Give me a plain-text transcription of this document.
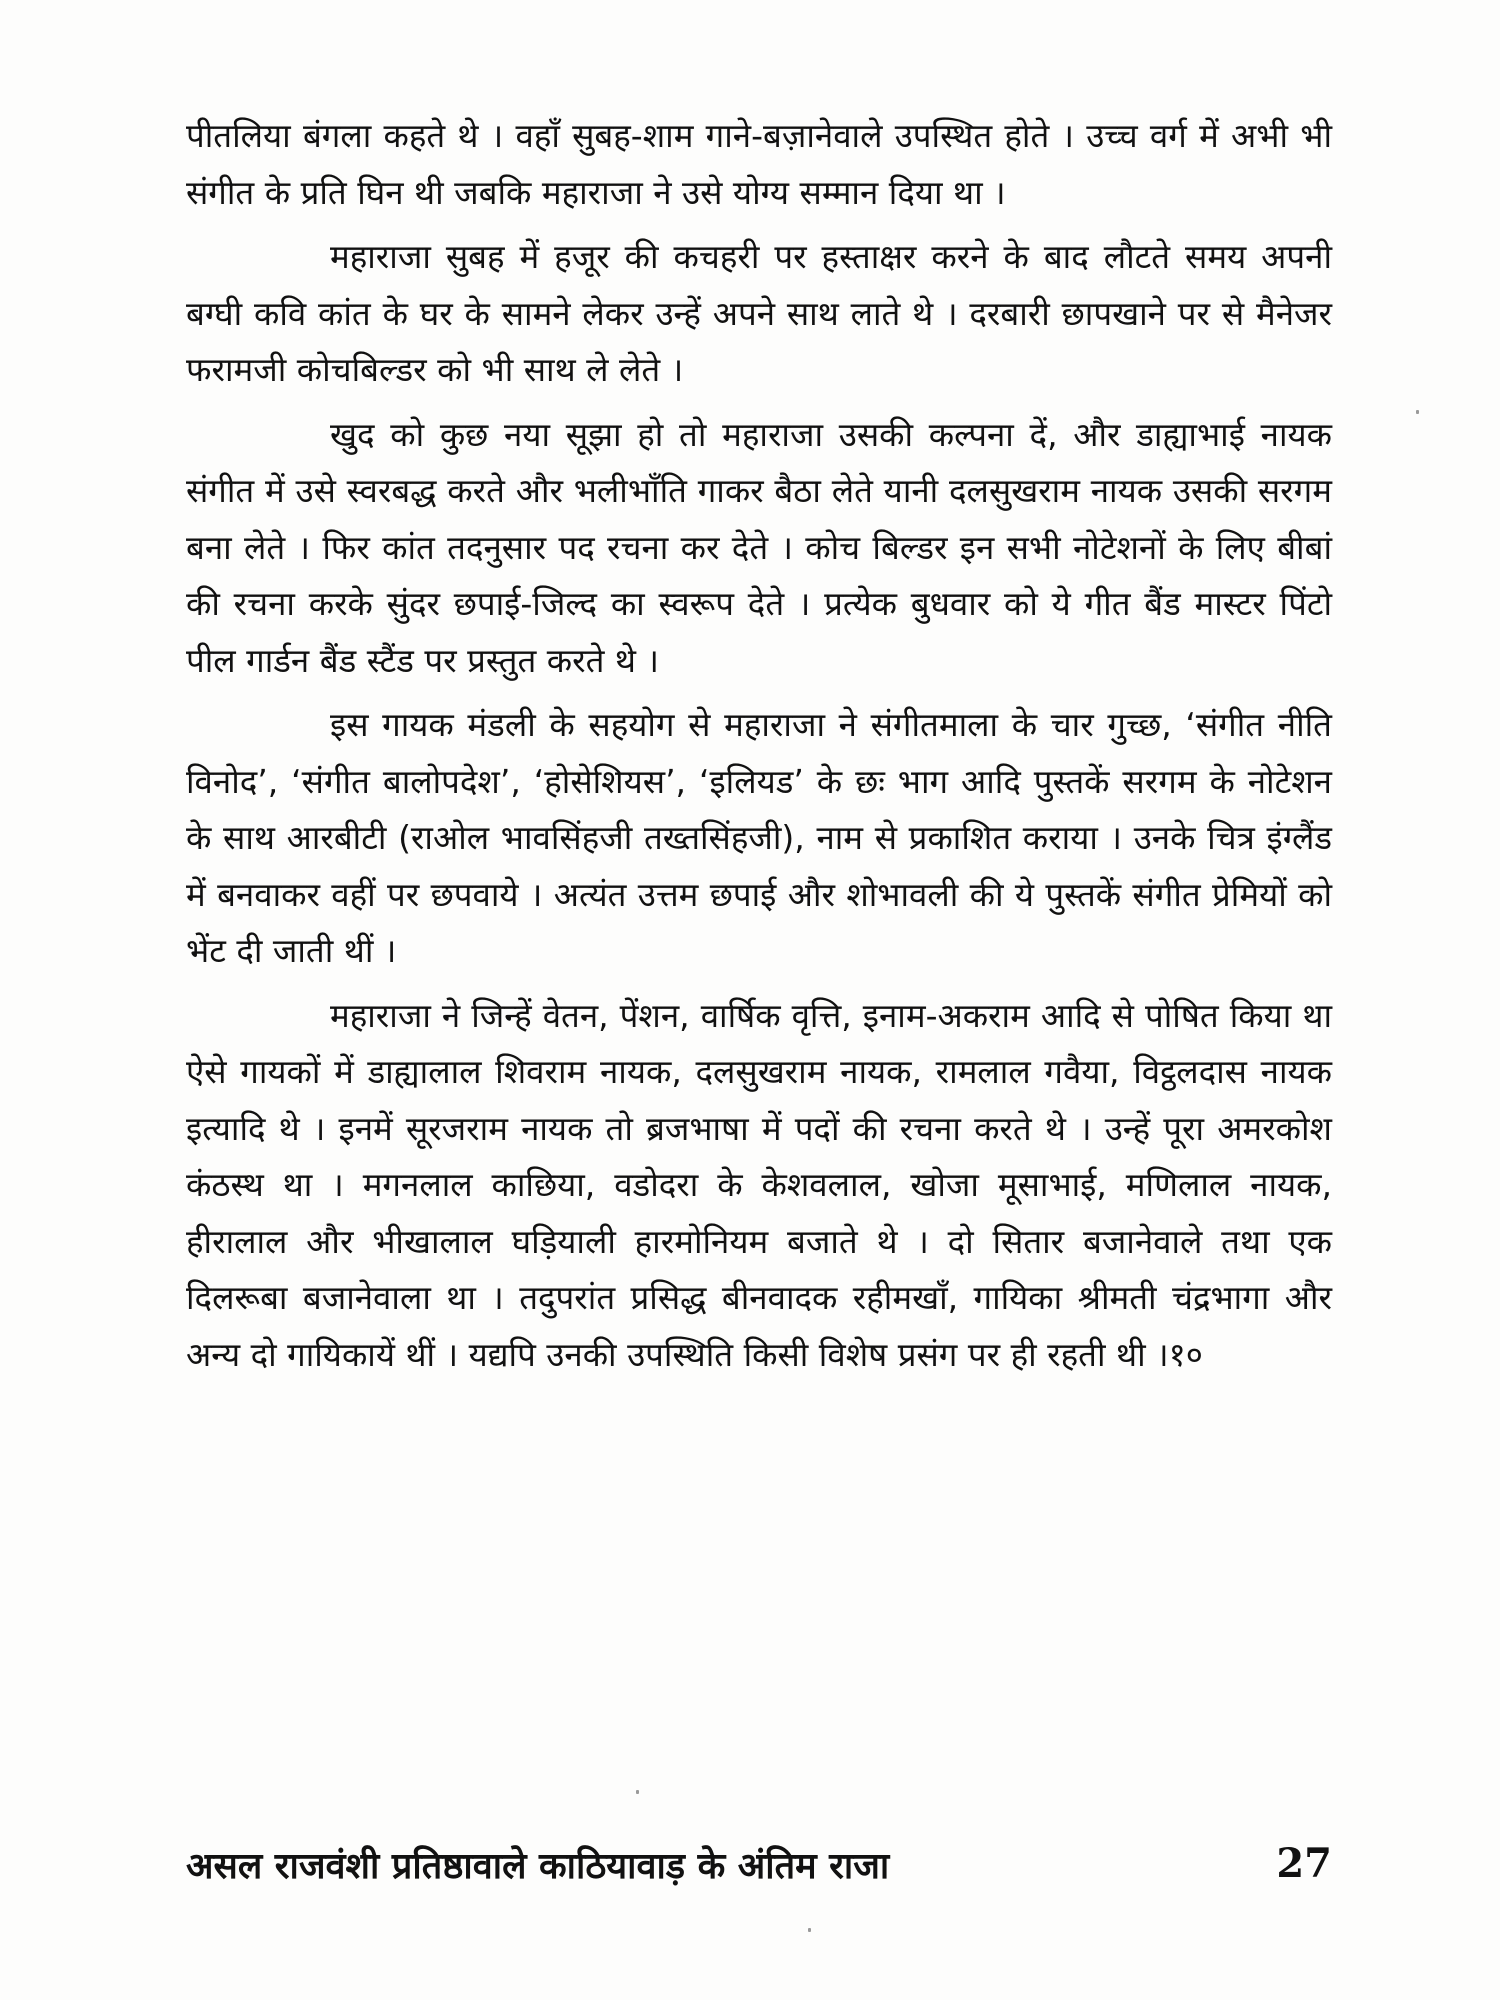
पीतलिया बंगला कहते थे । वहाँ सुबह-शाम गाने-बज़ानेवाले उपस्थित होते । उच्च वर्ग में अभी भी संगीत के प्रति घिन थी जबकि महाराजा ने उसे योग्य सम्मान दिया था ।

महाराजा सुबह में हजूर की कचहरी पर हस्ताक्षर करने के बाद लौटते समय अपनी बग्घी कवि कांत के घर के सामने लेकर उन्हें अपने साथ लाते थे । दरबारी छापखाने पर से मैनेजर फरामजी कोचबिल्डर को भी साथ ले लेते ।

खुद को कुछ नया सूझा हो तो महाराजा उसकी कल्पना दें, और डाह्याभाई नायक संगीत में उसे स्वरबद्ध करते और भलीभाँति गाकर बैठा लेते यानी दलसुखराम नायक उसकी सरगम बना लेते । फिर कांत तदनुसार पद रचना कर देते । कोच बिल्डर इन सभी नोटेशनों के लिए बीबां की रचना करके सुंदर छपाई-जिल्द का स्वरूप देते । प्रत्येक बुधवार को ये गीत बैंड मास्टर पिंटो पील गार्डन बैंड स्टैंड पर प्रस्तुत करते थे ।

इस गायक मंडली के सहयोग से महाराजा ने संगीतमाला के चार गुच्छ, ‘संगीत नीति विनोद’, ‘संगीत बालोपदेश’, ‘होसेशियस’, ‘इलियड’ के छः भाग आदि पुस्तकें सरगम के नोटेशन के साथ आरबीटी (राओल भावसिंहजी तख्तसिंहजी), नाम से प्रकाशित कराया । उनके चित्र इंग्लैंड में बनवाकर वहीं पर छपवाये । अत्यंत उत्तम छपाई और शोभावली की ये पुस्तकें संगीत प्रेमियों को भेंट दी जाती थीं ।

महाराजा ने जिन्हें वेतन, पेंशन, वार्षिक वृत्ति, इनाम-अकराम आदि से पोषित किया था ऐसे गायकों में डाह्यालाल शिवराम नायक, दलसुखराम नायक, रामलाल गवैया, विट्ठलदास नायक इत्यादि थे । इनमें सूरजराम नायक तो ब्रजभाषा में पदों की रचना करते थे । उन्हें पूरा अमरकोश कंठस्थ था । मगनलाल काछिया, वडोदरा के केशवलाल, खोजा मूसाभाई, मणिलाल नायक, हीरालाल और भीखालाल घड़ियाली हारमोनियम बजाते थे । दो सितार बजानेवाले तथा एक दिलरूबा बजानेवाला था । तदुपरांत प्रसिद्ध बीनवादक रहीमखाँ, गायिका श्रीमती चंद्रभागा और अन्य दो गायिकायें थीं । यद्यपि उनकी उपस्थिति किसी विशेष प्रसंग पर ही रहती थी ।१०

असल राजवंशी प्रतिष्ठावाले काठियावाड़ के अंतिम राजा	27
